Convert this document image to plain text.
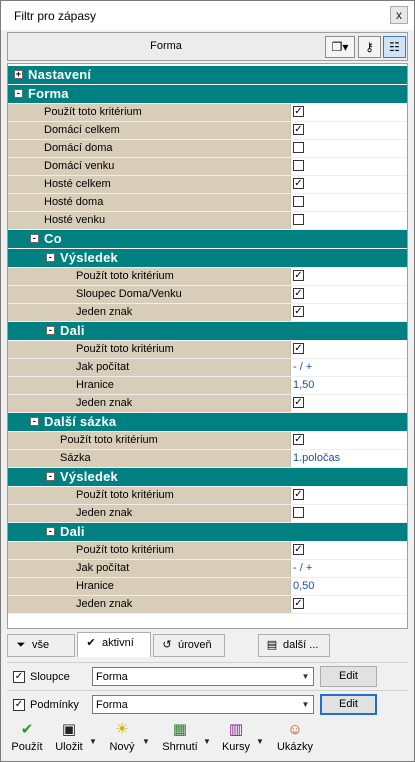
Filtr pro zápasy	x
Forma	❐▾	⚷	☷
+ Nastavení
- Forma
Použít toto kritérium	✓
Domácí celkem	✓
Domácí doma
Domácí venku
Hosté celkem	✓
Hosté doma
Hosté venku
- Co
- Výsledek
Použít toto kritérium	✓
Sloupec Doma/Venku	✓
Jeden znak	✓
- Dali
Použít toto kritérium	✓
Jak počítat	- / +
Hranice	1,50
Jeden znak	✓
- Další sázka
Použít toto kritérium	✓
Sázka	1.poločas
- Výsledek
Použít toto kritérium	✓
Jeden znak
- Dali
Použít toto kritérium	✓
Jak počítat	- / +
Hranice	0,50
Jeden znak	✓
⏷ vše	✔ aktivní	↺ úroveň	▤ další ...
✓ Sloupce Forma	▼	Edit
✓ Podmínky Forma	▼	Edit
✔
Použít
▣
Uložit ▼
☀
Nový ▼
▦
Shrnutí ▼
▥
Kursy ▼
☺
Ukázky
